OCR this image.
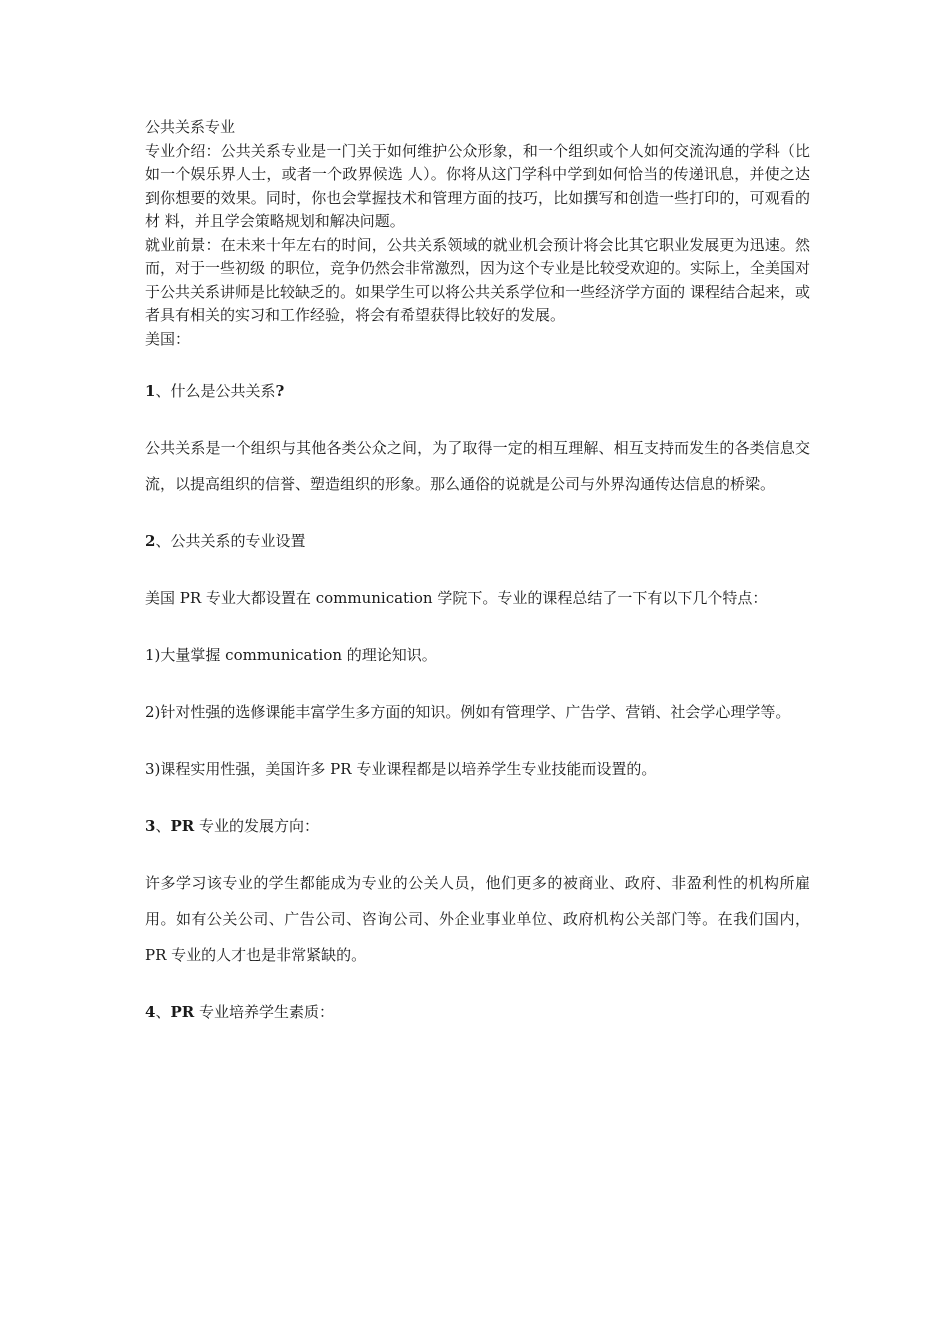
公共关系专业

专业介绍：公共关系专业是一门关于如何维护公众形象，和一个组织或个人如何交流沟通的学科（比如一个娱乐界人士，或者一个政界候选 人）。你将从这门学科中学到如何恰当的传递讯息，并使之达到你想要的效果。同时，你也会掌握技术和管理方面的技巧，比如撰写和创造一些打印的，可观看的材 料，并且学会策略规划和解决问题。

就业前景：在未来十年左右的时间，公共关系领域的就业机会预计将会比其它职业发展更为迅速。然而，对于一些初级 的职位，竞争仍然会非常激烈，因为这个专业是比较受欢迎的。实际上，全美国对于公共关系讲师是比较缺乏的。如果学生可以将公共关系学位和一些经济学方面的 课程结合起来，或者具有相关的实习和工作经验，将会有希望获得比较好的发展。

美国：

1、什么是公共关系?

公共关系是一个组织与其他各类公众之间，为了取得一定的相互理解、相互支持而发生的各类信息交流，以提高组织的信誉、塑造组织的形象。那么通俗的说就是公司与外界沟通传达信息的桥梁。

2、公共关系的专业设置

美国 PR 专业大都设置在 communication 学院下。专业的课程总结了一下有以下几个特点：

1)大量掌握 communication 的理论知识。

2)针对性强的选修课能丰富学生多方面的知识。例如有管理学、广告学、营销、社会学心理学等。

3)课程实用性强，美国许多 PR 专业课程都是以培养学生专业技能而设置的。

3、PR 专业的发展方向：

许多学习该专业的学生都能成为专业的公关人员，他们更多的被商业、政府、非盈利性的机构所雇用。如有公关公司、广告公司、咨询公司、外企业事业单位、政府机构公关部门等。在我们国内，PR 专业的人才也是非常紧缺的。

4、PR 专业培养学生素质：
